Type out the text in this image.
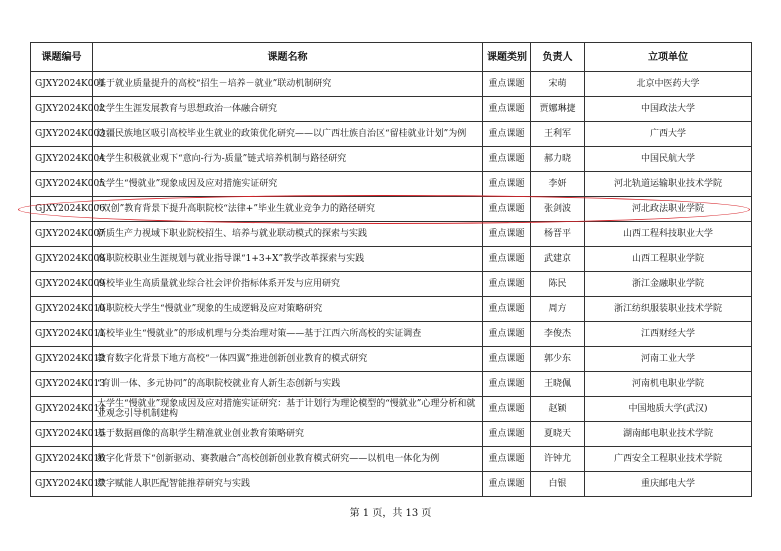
课题编号	课题名称	课题类别	负责人	立项单位
GJXY2024K001	基于就业质量提升的高校“招生－培养－就业”联动机制研究	重点课题	宋萌	北京中医药大学
GJXY2024K002	大学生生涯发展教育与思想政治一体融合研究	重点课题	贾娜琳捷	中国政法大学
GJXY2024K003	边疆民族地区吸引高校毕业生就业的政策优化研究——以广西壮族自治区“留桂就业计划”为例	重点课题	王利军	广西大学
GJXY2024K004	大学生积极就业观下“意向-行为-质量”链式培养机制与路径研究	重点课题	郝力晓	中国民航大学
GJXY2024K005	大学生“慢就业”现象成因及应对措施实证研究	重点课题	李妍	河北轨道运输职业技术学院
GJXY2024K006	“双创”教育背景下提升高职院校“法律+”毕业生就业竞争力的路径研究	重点课题	张剑波	河北政法职业学院
GJXY2024K007	新质生产力视域下职业院校招生、培养与就业联动模式的探索与实践	重点课题	杨晋平	山西工程科技职业大学
GJXY2024K008	高职院校职业生涯规划与就业指导课“1+3+X”教学改革探索与实践	重点课题	武建京	山西工程职业学院
GJXY2024K009	高校毕业生高质量就业综合社会评价指标体系开发与应用研究	重点课题	陈民	浙江金融职业学院
GJXY2024K010	高职院校大学生“慢就业”现象的生成逻辑及应对策略研究	重点课题	周方	浙江纺织服装职业技术学院
GJXY2024K011	高校毕业生“慢就业”的形成机理与分类治理对策——基于江西六所高校的实证调查	重点课题	李俊杰	江西财经大学
GJXY2024K012	教育数字化背景下地方高校“一体四翼”推进创新创业教育的模式研究	重点课题	郭少东	河南工业大学
GJXY2024K013	“育训一体、多元协同”的高职院校就业育人新生态创新与实践	重点课题	王晓佩	河南机电职业学院
GJXY2024K014	大学生“慢就业”现象成因及应对措施实证研究：基于计划行为理论模型的“慢就业”心理分析和就业观念引导机制建构	重点课题	赵颖	中国地质大学(武汉)
GJXY2024K015	基于数据画像的高职学生精准就业创业教育策略研究	重点课题	夏晓天	湖南邮电职业技术学院
GJXY2024K016	数字化背景下“创新驱动、赛教融合”高校创新创业教育模式研究——以机电一体化为例	重点课题	许钟尤	广西安全工程职业技术学院
GJXY2024K017	数字赋能人职匹配智能推荐研究与实践	重点课题	白银	重庆邮电大学
第 1 页，共 13 页
